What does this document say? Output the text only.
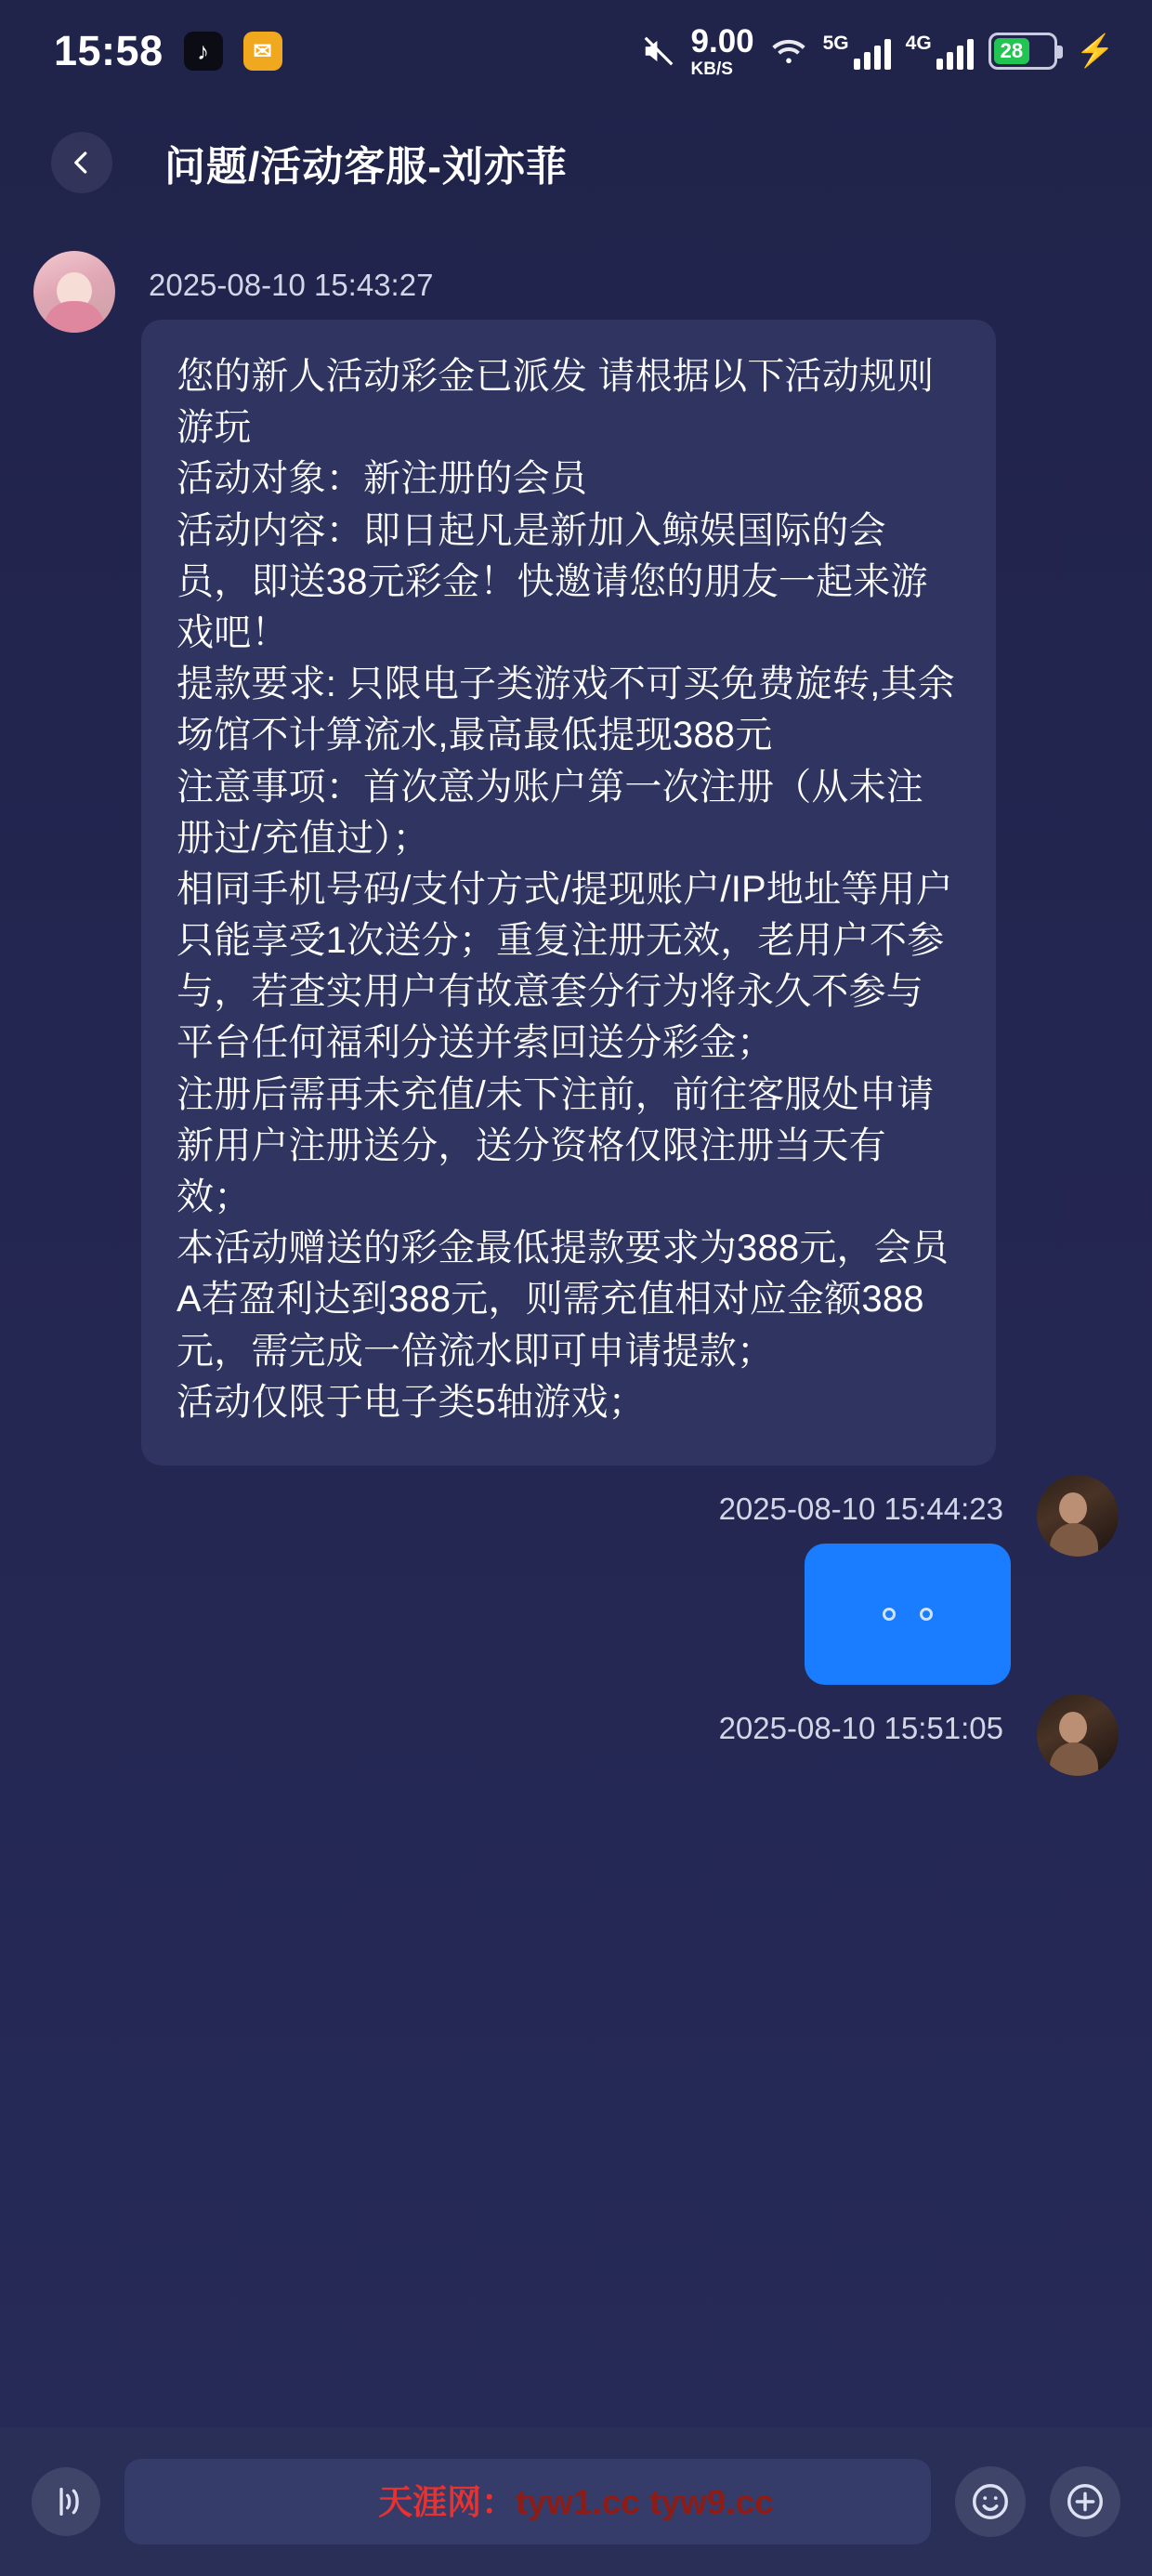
15:58 ♪ ✉	9.00
KB/S
5G	4G	28 ⚡
问题/活动客服-刘亦菲
2025-08-10 15:43:27

您的新人活动彩金已派发 请根据以下活动规则游玩

活动对象：新注册的会员

活动内容：即日起凡是新加入鲸娱国际的会员，即送38元彩金！快邀请您的朋友一起来游戏吧！

提款要求: 只限电子类游戏不可买免费旋转,其余场馆不计算流水,最高最低提现388元

注意事项：首次意为账户第一次注册（从未注册过/充值过）；

相同手机号码/支付方式/提现账户/IP地址等用户只能享受1次送分；重复注册无效，老用户不参与，若查实用户有故意套分行为将永久不参与平台任何福利分送并索回送分彩金；

注册后需再未充值/未下注前，前往客服处申请新用户注册送分，送分资格仅限注册当天有效；

本活动赠送的彩金最低提款要求为388元，会员A若盈利达到388元，则需充值相对应金额388元，需完成一倍流水即可申请提款；

活动仅限于电子类5轴游戏；

2025-08-10 15:44:23
2025-08-10 15:51:05
天涯网：tyw1.cc tyw9.cc
